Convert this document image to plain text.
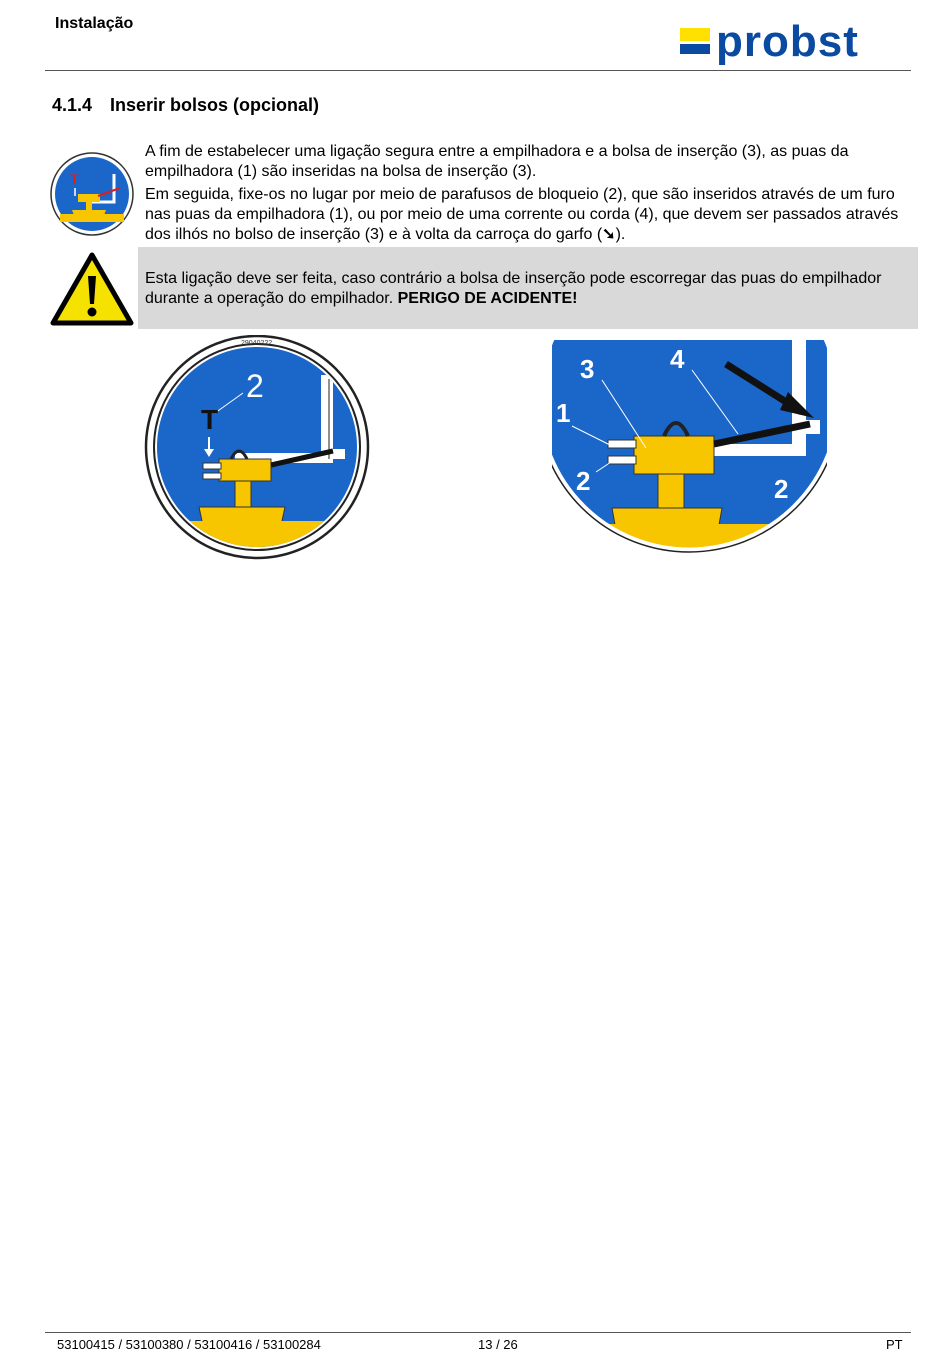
Instalação	probst
4.1.4 Inserir bolsos (opcional)
T
A fim de estabelecer uma ligação segura entre a empilhadora e a bolsa de inserção (3), as puas da empilhadora (1) são inseridas na bolsa de inserção (3).
Em seguida, fixe-os no lugar por meio de parafusos de bloqueio (2), que são inseridos através de um furo nas puas da empilhadora (1), ou por meio de uma corrente ou corda (4), que devem ser passados através dos ilhós no bolso de inserção (3) e à volta da carroça do garfo (➘).
Esta ligação deve ser feita, caso contrário a bolsa de inserção pode escorregar das puas do empilhador durante a operação do empilhador. PERIGO DE ACIDENTE!
29040222
2
T
3	4
1
2	2
53100415 / 53100380 / 53100416 / 53100284	13 / 26	PT
